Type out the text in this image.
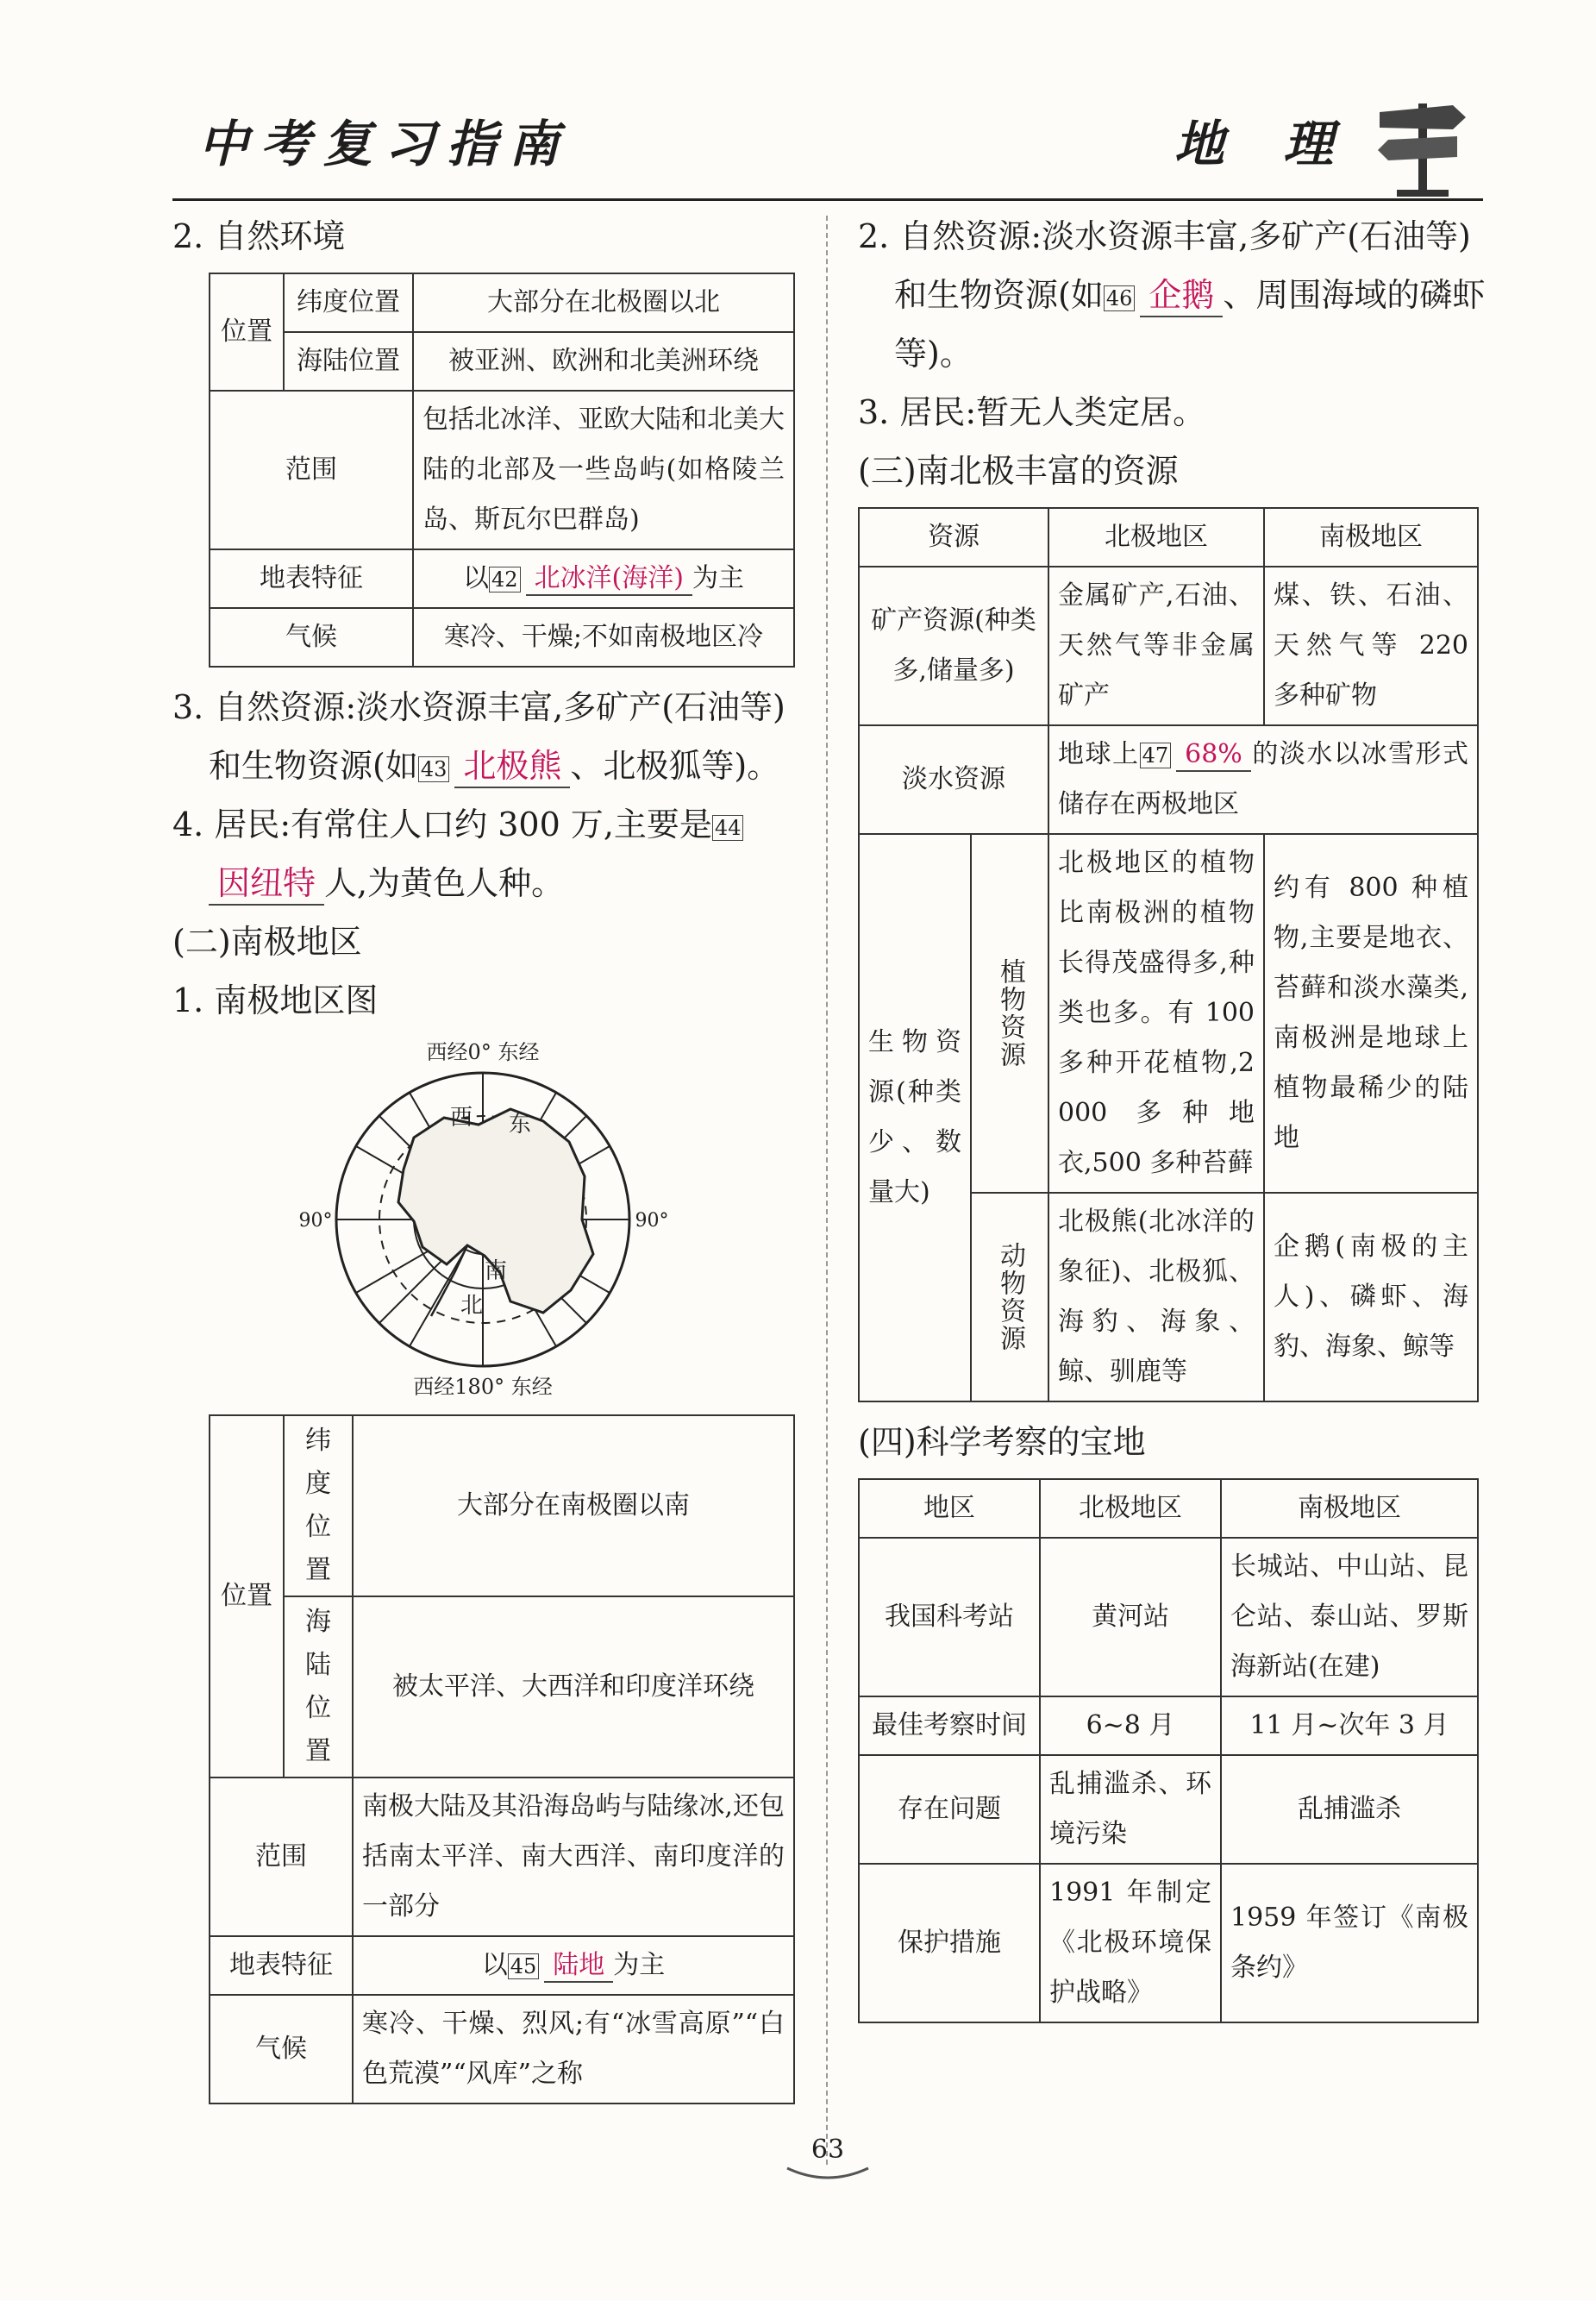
中考复习指南	地 理

2. 自然环境

位置	纬度位置	大部分在北极圈以北
	海陆位置	被亚洲、欧洲和北美洲环绕
范围		包括北冰洋、亚欧大陆和北美大陆的北部及一些岛屿(如格陵兰岛、斯瓦尔巴群岛)
地表特征		以 42 北冰洋(海洋) 为主
气候		寒冷、干燥;不如南极地区冷

3. 自然资源:淡水资源丰富,多矿产(石油等)和生物资源(如 43 北极熊 、北极狐等)。

4. 居民:有常住人口约 300 万,主要是 44因纽特 人,为黄色人种。

(二)南极地区

1. 南极地区图

西经0° 东经
西经180° 东经
90°	90°
西 东
南
北
位置	纬度位置	大部分在南极圈以南
	海陆位置	被太平洋、大西洋和印度洋环绕
范围		南极大陆及其沿海岛屿与陆缘冰,还包括南太平洋、南大西洋、南印度洋的一部分
地表特征		以 45 陆地 为主
气候		寒冷、干燥、烈风;有“冰雪高原”“白色荒漠”“风库”之称

2. 自然资源:淡水资源丰富,多矿产(石油等)和生物资源(如 46 企鹅 、周围海域的磷虾等)。

3. 居民:暂无人类定居。

(三)南北极丰富的资源

资源		北极地区	南极地区
矿产资源(种类多,储量多)		金属矿产,石油、天然气等非金属矿产	煤、铁、石油、天然气等 220 多种矿物
淡水资源		地球上 47 68% 的淡水以冰雪形式储存在两极地区	
生物资源(种类少、数量大)	植物资源	北极地区的植物比南极洲的植物长得茂盛得多,种类也多。有 100 多种开花植物,2 000 多种地衣,500 多种苔藓	约有 800 种植物,主要是地衣、苔藓和淡水藻类,南极洲是地球上植物最稀少的陆地
	动物资源	北极熊(北冰洋的象征)、北极狐、海豹、海象、鲸、驯鹿等	企鹅(南极的主人)、磷虾、海豹、海象、鲸等

(四)科学考察的宝地

地区	北极地区	南极地区
我国科考站	黄河站	长城站、中山站、昆仑站、泰山站、罗斯海新站(在建)
最佳考察时间	6~8 月	11 月~次年 3 月
存在问题	乱捕滥杀、环境污染	乱捕滥杀
保护措施	1991 年制定《北极环境保护战略》	1959 年签订《南极条约》
63
